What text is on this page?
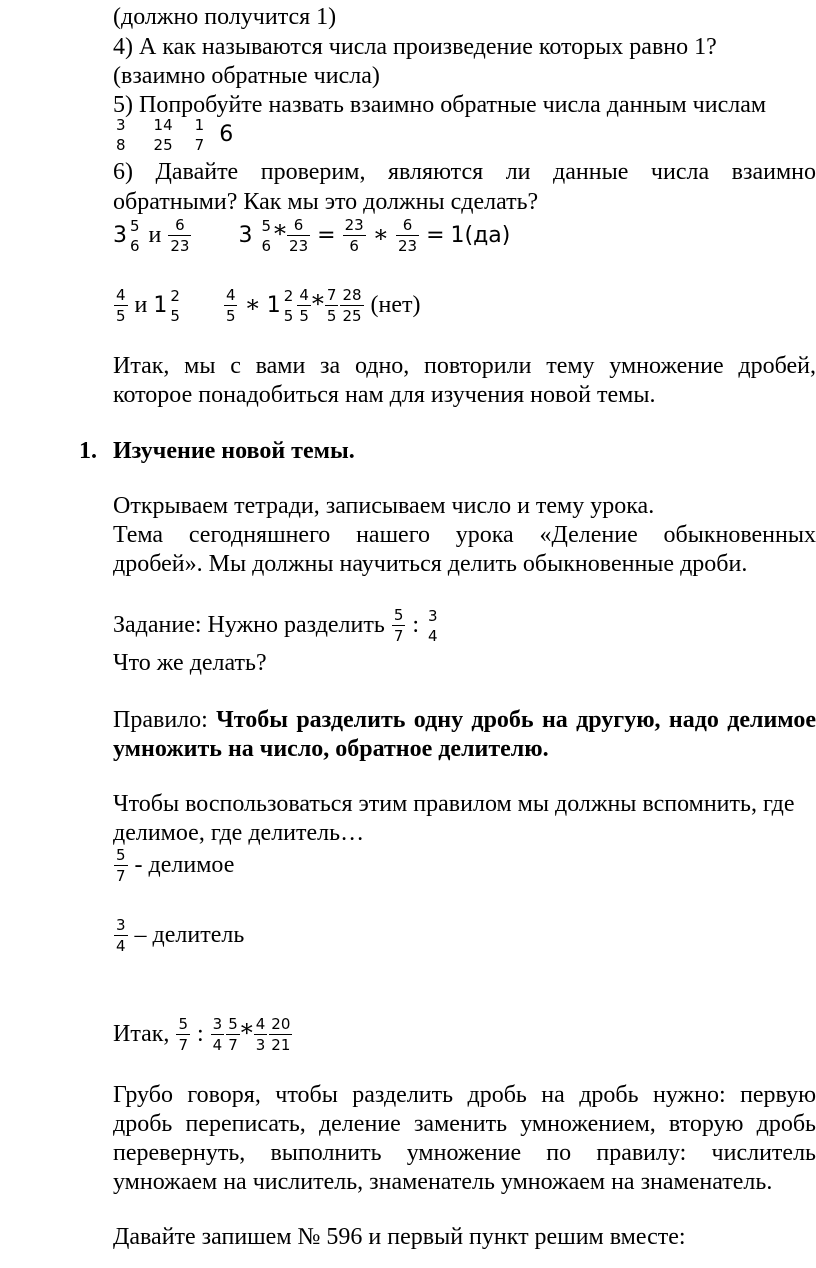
(должно получится 1)
4) А как называются числа произведение которых равно 1?
(взаимно обратные числа)
5) Попробуйте назвать взаимно обратные числа данным числам
3
8

14
25

1
7 6
6) Давайте проверим, являются ли данные числа взаимно
обратными? Как мы это должны сделать?
3 5
6 и $\frac{6}{23} 3$ 5
$6 * \frac{6}{23} = \frac{23}{6}$ ∗ $\frac{6}{23} = 1(да)$
$\frac{4}{5}$ и 1 2
5
	$\frac{4}{5}$ ∗ 1 2
$5 \frac{4}{5} * \frac{7}{5} \frac{28}{25} (нет)$
Итак, мы с вами за одно, повторили тему умножение дробей,
которое понадобиться нам для изучения новой темы.
1. Изучение новой темы.
Открываем тетради, записываем число и тему урока.
Тема сегодняшнего нашего урока «Деление обыкновенных
дробей». Мы должны научиться делить обыкновенные дроби.
Задание: Нужно разделить $\frac{5}{7}$ : 3
4
Что же делать?
Правило: Чтобы разделить одну дробь на другую, надо делимое
умножить на число, обратное делителю.
Чтобы воспользоваться этим правилом мы должны вспомнить, где
делимое, где делитель…
$\frac{5}{7}$ - делимое
$\frac{3}{4}$ – делитель
Итак, $\frac{5}{7}$ : $\frac{3}{4} \frac{5}{7} * \frac{4}{3} \frac{20}{21}$
Грубо говоря, чтобы разделить дробь на дробь нужно: первую
дробь переписать, деление заменить умножением, вторую дробь
перевернуть, выполнить умножение по правилу: числитель
умножаем на числитель, знаменатель умножаем на знаменатель.
Давайте запишем № 596 и первый пункт решим вместе:
